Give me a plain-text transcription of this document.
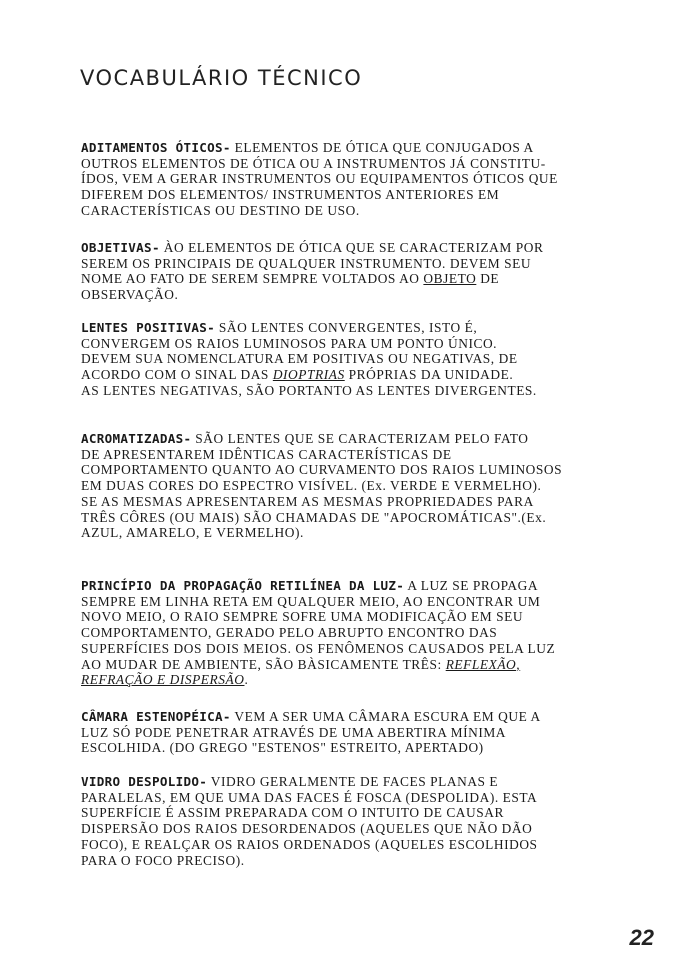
VOCABULÁRIO TÉCNICO
ADITAMENTOS ÓTICOS- ELEMENTOS DE ÓTICA QUE CONJUGADOS A
OUTROS ELEMENTOS DE ÓTICA OU A INSTRUMENTOS JÁ CONSTITU-
ÍDOS, VEM A GERAR INSTRUMENTOS OU EQUIPAMENTOS ÓTICOS QUE
DIFEREM DOS ELEMENTOS/ INSTRUMENTOS ANTERIORES EM
CARACTERÍSTICAS OU DESTINO DE USO.
OBJETIVAS- ÀO ELEMENTOS DE ÓTICA QUE SE CARACTERIZAM POR
SEREM OS PRINCIPAIS DE QUALQUER INSTRUMENTO. DEVEM SEU
NOME AO FATO DE SEREM SEMPRE VOLTADOS AO OBJETO DE
OBSERVAÇÃO.
LENTES POSITIVAS- SÃO LENTES CONVERGENTES, ISTO É,
CONVERGEM OS RAIOS LUMINOSOS PARA UM PONTO ÚNICO.
DEVEM SUA NOMENCLATURA EM POSITIVAS OU NEGATIVAS, DE
ACORDO COM O SINAL DAS DIOPTRIAS PRÓPRIAS DA UNIDADE.
AS LENTES NEGATIVAS, SÃO PORTANTO AS LENTES DIVERGENTES.
ACROMATIZADAS- SÃO LENTES QUE SE CARACTERIZAM PELO FATO
DE APRESENTAREM IDÊNTICAS CARACTERÍSTICAS DE
COMPORTAMENTO QUANTO AO CURVAMENTO DOS RAIOS LUMINOSOS
EM DUAS CORES DO ESPECTRO VISÍVEL. (Ex. VERDE E VERMELHO).
SE AS MESMAS APRESENTAREM AS MESMAS PROPRIEDADES PARA
TRÊS CÔRES (OU MAIS) SÃO CHAMADAS DE "APOCROMÁTICAS".(Ex.
AZUL, AMARELO, E VERMELHO).
PRINCÍPIO DA PROPAGAÇÃO RETILÍNEA DA LUZ- A LUZ SE PROPAGA
SEMPRE EM LINHA RETA EM QUALQUER MEIO, AO ENCONTRAR UM
NOVO MEIO, O RAIO SEMPRE SOFRE UMA MODIFICAÇÃO EM SEU
COMPORTAMENTO, GERADO PELO ABRUPTO ENCONTRO DAS
SUPERFÍCIES DOS DOIS MEIOS. OS FENÔMENOS CAUSADOS PELA LUZ
AO MUDAR DE AMBIENTE, SÃO BÀSICAMENTE TRÊS: REFLEXÃO,
REFRAÇÃO E DISPERSÃO.
CÂMARA ESTENOPÉICA- VEM A SER UMA CÂMARA ESCURA EM QUE A
LUZ SÓ PODE PENETRAR ATRAVÉS DE UMA ABERTIRA MÍNIMA
ESCOLHIDA. (DO GREGO "ESTENOS" ESTREITO, APERTADO)
VIDRO DESPOLIDO- VIDRO GERALMENTE DE FACES PLANAS E
PARALELAS, EM QUE UMA DAS FACES É FOSCA (DESPOLIDA). ESTA
SUPERFÍCIE É ASSIM PREPARADA COM O INTUITO DE CAUSAR
DISPERSÃO DOS RAIOS DESORDENADOS (AQUELES QUE NÃO DÃO
FOCO), E REALÇAR OS RAIOS ORDENADOS (AQUELES ESCOLHIDOS
PARA O FOCO PRECISO).
22
